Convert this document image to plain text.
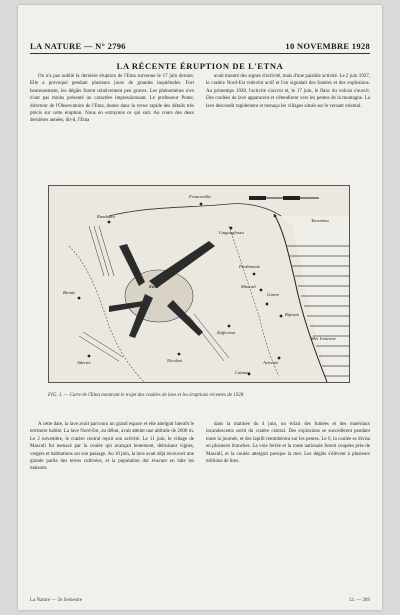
LA NATURE — N° 2796	10 NOVEMBRE 1928
LA RÉCENTE ÉRUPTION DE L'ETNA

On n'a pas oublié la dernière éruption de l'Etna survenue le 17 juin dernier. Elle a provoqué pendant plusieurs jours de grandes inquiétudes. Fort heureusement, les dégâts furent relativement peu graves. Les phénomènes n'en n'ont pas moins présenté un caractère impressionnant. Le professeur Ponte, directeur de l'Observatoire de l'Etna, donne dans la revue rapide des détails très précis sur cette éruption. Nous en extrayons ce qui suit. Au cours des deux dernières années, dit-il, l'Etna

avait montré des signes d'activité, mais d'une paisible activité. Le 2 juin 1927, le cratère Nord-Est redevint actif et l'on signalait des fumées et des explosions. Au printemps 1928, l'activité s'accrut et, le 17 juin, le flanc du volcan s'ouvrit. Des coulées de lave apparurent et s'étendirent vers les pentes de la montagne. La lave descendit rapidement et menaça les villages situés sur le versant oriental.

Francavilla
Linguaglossa
Randazzo
Taormina
Piedimonte
Giarre
Riposto
Mascali
Zafferana
Acireale
Nicolosi
Bronte
Adernò
Catania
Etna
Mer Ionienne
FIG. 1. — Carte de l'Etna montrant le trajet des coulées de lave et les éruptions récentes de 1928.

A cette date, la lave avait parcouru un grand espace et elle atteignit bientôt le territoire habité. La lave Nord-Est, au début, avait atteint une altitude de 2600 m. Le 2 novembre, le cratère central reprit son activité. Le 11 juin, le village de Mascali fut menacé par la coulée qui avançait lentement, détruisant vignes, vergers et habitations sur son passage. Au 10 juin, la lave avait déjà recouvert une grande partie des terres cultivées, et la population dut évacuer en hâte les maisons.

dans la matinée du 4 juin, un éclair des fumées et des matériaux incandescents sortit du cratère central. Des explosions se succédèrent pendant toute la journée, et des lapilli retombèrent sur les pentes. Le 6, la coulée se divisa en plusieurs branches. La voie ferrée et la route nationale furent coupées près de Mascali, et la coulée atteignit presque la mer. Les dégâts s'élèvent à plusieurs millions de lires.

La Nature — 2e Semestre	12. — 289
